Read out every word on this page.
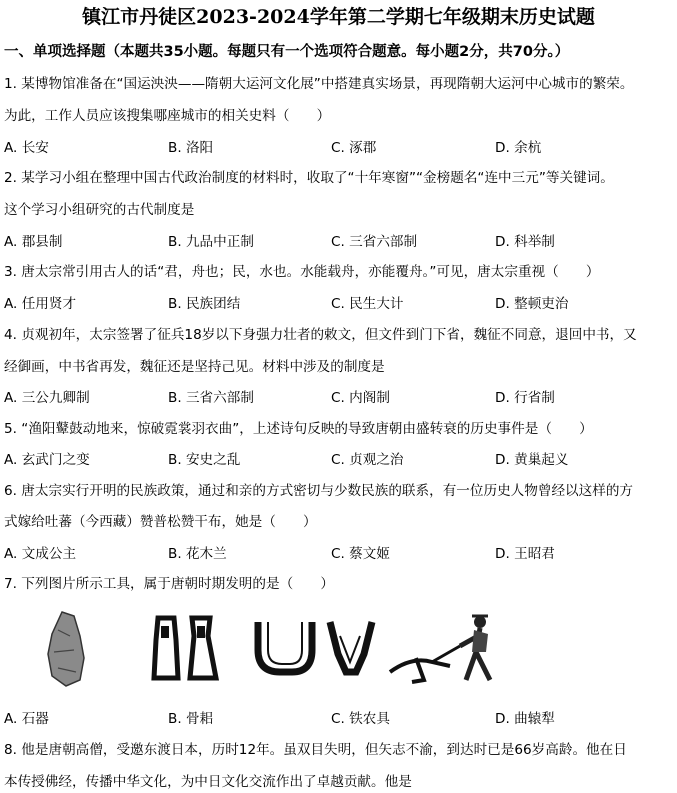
镇江市丹徒区2023-2024学年第二学期七年级期末历史试题
一、单项选择题（本题共35小题。每题只有一个选项符合题意。每小题2分，共70分。）
1. 某博物馆准备在“国运泱泱——隋朝大运河文化展”中搭建真实场景，再现隋朝大运河中心城市的繁荣。
为此，工作人员应该搜集哪座城市的相关史料（　　）
A. 长安	B. 洛阳	C. 涿郡	D. 余杭
2. 某学习小组在整理中国古代政治制度的材料时，收取了“十年寒窗”“金榜题名“连中三元”等关键词。
这个学习小组研究的古代制度是
A. 郡县制	B. 九品中正制	C. 三省六部制	D. 科举制
3. 唐太宗常引用古人的话“君，舟也；民，水也。水能载舟，亦能覆舟。”可见，唐太宗重视（　　）
A. 任用贤才	B. 民族团结	C. 民生大计	D. 整顿吏治
4. 贞观初年，太宗签署了征兵18岁以下身强力壮者的敕文，但文件到门下省，魏征不同意，退回中书，又
经御画，中书省再发，魏征还是坚持己见。材料中涉及的制度是
A. 三公九卿制	B. 三省六部制	C. 内阁制	D. 行省制
5. “渔阳鼙鼓动地来，惊破霓裳羽衣曲”，上述诗句反映的导致唐朝由盛转衰的历史事件是（　　）
A. 玄武门之变	B. 安史之乱	C. 贞观之治	D. 黄巢起义
6. 唐太宗实行开明的民族政策，通过和亲的方式密切与少数民族的联系，有一位历史人物曾经以这样的方
式嫁给吐蕃（今西藏）赞普松赞干布，她是（　　）
A. 文成公主	B. 花木兰	C. 蔡文姬	D. 王昭君
7. 下列图片所示工具，属于唐朝时期发明的是（　　）
A. 石器	B. 骨耜	C. 铁农具	D. 曲辕犁
8. 他是唐朝高僧，受邀东渡日本，历时12年。虽双目失明，但矢志不渝，到达时已是66岁高龄。他在日
本传授佛经，传播中华文化，为中日文化交流作出了卓越贡献。他是
